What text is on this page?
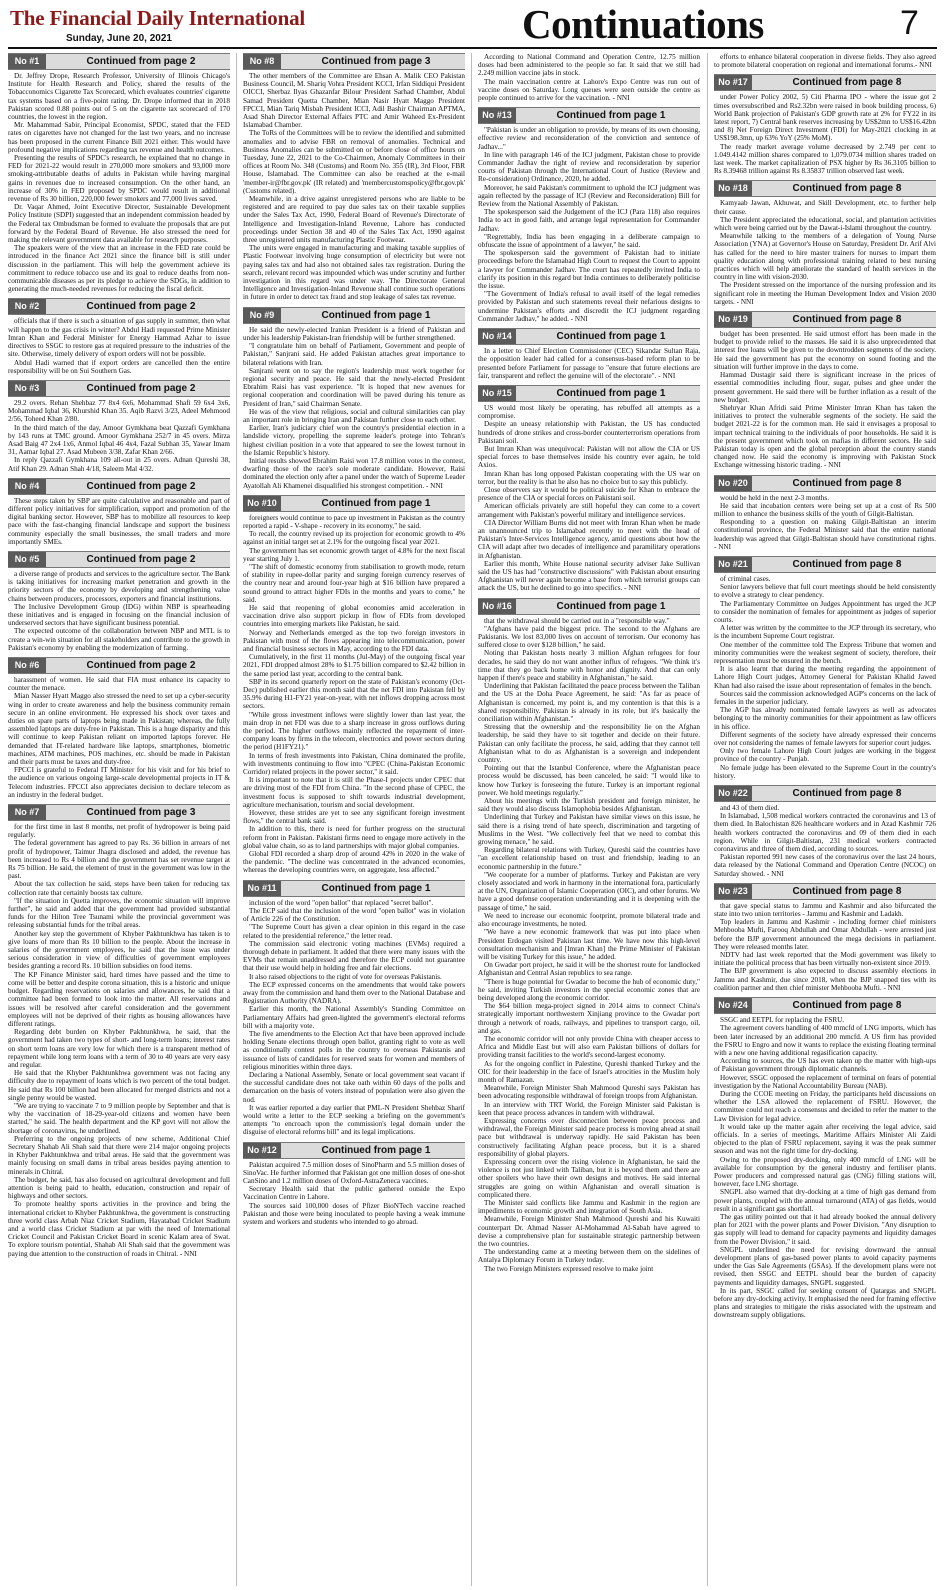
The Financial Daily International
Sunday, June 20, 2021	Continuations	7
No #1	Continued from page 2

Dr. Jeffrey Drope, Research Professor, University of Illinois Chicago's Institute for Health Research and Policy, shared the results of the Tobacconomics Cigarette Tax Scorecard, which evaluates countries' cigarette tax systems based on a five-point rating. Dr. Drope informed that in 2018 Pakistan scored 0.88 points out of 5 on the cigarette tax scorecard of 170 countries, the lowest in the region.

Mr. Mahammad Sabir, Principal Economist, SPDC, stated that the FED rates on cigarettes have not changed for the last two years, and no increase has been proposed in the current Finance Bill 2021 either. This would have profound negative implications regarding tax revenue and health outcomes.

Presenting the results of SPDC's research, he explained that no change in FED for 2021-22 would result in 270,000 more smokers and 93,000 more smoking-attributable deaths of adults in Pakistan while having marginal gains in revenues due to increased consumption. On the other hand, an increase of 30% in FED proposed by SPDC would result in additional revenue of Rs 30 billion, 220,000 fewer smokers and 77,000 lives saved.

Dr. Vaqar Ahmed, Joint Executive Director, Sustainable Development Policy Institute (SDPI) suggested that an independent commission headed by the Federal tax Ombudsman be formed to evaluate the proposals that are put forward by the Federal Board of Revenue. He also stressed the need for making the relevant government data available for research purposes.

The speakers were of the view that an increase in the FED rate could be introduced in the finance Act 2021 since the finance bill is still under discussion in the parliament. This will help the government achieve its commitment to reduce tobacco use and its goal to reduce deaths from non-communicable diseases as per its pledge to achieve the SDGs, in addition to generating the much-needed revenues for reducing the fiscal deficit.

No #2	Continued from page 2

officials that if there is such a situation of gas supply in summer, then what will happen to the gas crisis in winter? Abdul Hadi requested Prime Minister Imran Khan and Federal Minister for Energy Hammad Azhar to issue directives to SSGC to restore gas at required pressure to the industries of the site. Otherwise, timely delivery of export orders will not be possible.

Abdul Hadi warned that if export orders are cancelled then the entire responsibility will be on Sui Southern Gas.

No #3	Continued from page 2

29.2 overs. Rehan Shehbaz 77 8x4 6x6, Mohammad Shafi 59 6x4 3x6, Mohammad Iqbal 36, Khurshid Khan 35. Aqib Razvi 3/23, Adeel Mehmood 2/56, Toheed Khan 2/80.

In the third match of the day, Amoor Gymkhana beat Qazzafi Gymkhana by 143 runs at TMC ground. Amoor Gymkhana 252/7 in 45 overs. Mirza Asad Baig 47 2x4 1x6, Anmol Iqbal 46 4x4, Fazal Subhan 35, Yawar Imam 31, Aamar Iqbal 27. Asad Mubeen 3/38, Zafar Khan 2/66.

In reply Qazzafi Gymkhana 109 all-out in 25 overs. Adnan Qureshi 38, Atif Khan 29. Adnan Shah 4/18, Saleem Mal 4/32.

No #4	Continued from page 2

These steps taken by SBP are quite calculative and reasonable and part of different policy initiatives for simplification, support and promotion of the digital banking sector. However, SBP has to mobilize all resources to keep pace with the fast-changing financial landscape and support the business community especially the small businesses, the small traders and more importantly SMEs.

No #5	Continued from page 2

a diverse range of products and services to the agriculture sector. The Bank is taking initiatives for increasing market penetration and growth in the priority sectors of the economy by developing and strengthening value chains between producers, processors, exporters and financial institutions.

The Inclusive Development Group (IDG) within NBP is spearheading these initiatives and is engaged in focusing on the financial inclusion of underserved sectors that have significant business potential.

The expected outcome of the collaboration between NBP and MTL is to create a win-win situation for all stakeholders and contribute to the growth in Pakistan's economy by enabling the modernization of farming.

No #6	Continued from page 2

harassment of women. He said that FIA must enhance its capacity to counter the menace.

Mian Nasser Hyatt Maggo also stressed the need to set up a cyber-security wing in order to create awareness and help the business community remain secure in an online environment. He expressed his shock over taxes and duties on spare parts of laptops being made in Pakistan; whereas, the fully assembled laptops are duty-free in Pakistan. This is a huge disparity and this will continue to keep Pakistan reliant on imported laptops forever. He demanded that IT-related hardware like laptops, smartphones, biometric machines, ATM machines, POS machines, etc. should be made in Pakistan and their parts must be taxes and duty-free.

FPCCI is grateful to Federal IT Minister for his visit and for his brief to the audience on various ongoing large-scale developmental projects in IT & Telecom industries. FPCCI also appreciates decision to declare telecom as an industry in the federal budget.

No #7	Continued from page 3

for the first time in last 8 months, net profit of hydropower is being paid regularly.

The federal government has agreed to pay Rs. 36 billion in arrears of net profit of hydropower, Taimur Jhagra disclosed and added, the revenue has been increased to Rs 4 billion and the government has set revenue target at Rs 75 billion. He said, the element of trust in the government was low in the past.

About the tax collection he said, steps have been taken for reducing tax collection rate that certainly boosts tax culture.

"If the situation in Quetta improves, the economic situation will improve further", he said and added that the government had provided substantial funds for the Hilton Tree Tsunami while the provincial government was releasing substantial funds for the tribal areas.

Another key step the government of Khyber Pakhtunkhwa has taken is to give loans of more than Rs 10 billion to the people. About the increase in salaries of the government employees, he said that the issue was under serious consideration in view of difficulties of government employees besides granting a record Rs. 10 billion subsidies on food items.

The KP Finance Minister said, hard times have passed and the time to come will be better and despite corona situation, this is a historic and unique budget. Regarding reservations on salaries and allowances, he said that a committee had been formed to look into the matter. All reservations and issues will be resolved after careful consideration and the government employees will not be deprived of their rights as housing allowances have different ratings.

Regarding debt burden on Khyber Pakhtunkhwa, he said, that the government had taken two types of short- and long-term loans; interest rates on short term loans are very low for which there is a transparent method of repayment while long term loans with a term of 30 to 40 years are very easy and regular.

He said that the Khyber Pakhtunkhwa government was not facing any difficulty due to repayment of loans which is two percent of the total budget. He said that Rs 100 billion had been allocated for merged districts and not a single penny would be wasted.

"We are trying to vaccinate 7 to 9 million people by September and that is why the vaccination of 18-29-year-old citizens and women have been started," he said. The health department and the KP govt will not allow the shortage of coronavirus, he underlined.

Preferring to the ongoing projects of new scheme, Additional Chief Secretary Shahab Ali Shah said that there were 214 major ongoing projects in Khyber Pakhtunkhwa and tribal areas. He said that the government was mainly focusing on small dams in tribal areas besides paying attention to minerals in Chitral.

The budget, he said, has also focused on agricultural development and full attention is being paid to health, education, construction and repair of highways and other sectors.

To promote healthy sports activities in the province and bring the international cricket to Khyber Pakhtunkhwa, the government is constructing three world class Arbab Niaz Cricket Stadium, Hayatabad Cricket Stadium and a world class Cricket Stadium at par with the need of International Cricket Council and Pakistan Cricket Board in scenic Kalam area of Swat. To explore tourism potential, Shahab Ali Shah said that the government was paying due attention to the construction of roads in Chitral. - NNI

No #8	Continued from page 3

The other members of the Committee are Ehsan A. Malik CEO Pakistan Business Council, M. Shariq Vohra President KCCI, Irfan Siddiqui President OICCI, Sherbaz Ilyas Ghazanfar Bilour President Sarhad Chamber, Abdul Samad President Quetta Chamber, Mian Nasir Hyatt Maggo President FPCCI, Mian Tariq Misbah President ICCI, Adil Bashir Chairman APTMA, Asad Shah Director External Affairs PTC and Amir Waheed Ex-President Islamabad Chamber.

The ToRs of the Committees will be to review the identified and submitted anomalies and to advise FBR on removal of anomalies. Technical and Business Anomalies can be submitted on or before close of office hours on Tuesday, June 22, 2021 to the Co-Chairmen, Anomaly Committees in their offices at Room No. 348 (Customs) and Room No. 355 (IR), 3rd Floor, FBR House, Islamabad. The Committee can also be reached at the e-mail 'member-ir@fbr.gov.pk' (IR related) and 'membercustomspolicy@fbr.gov.pk' (Customs related).

Meanwhile, in a drive against unregistered persons who are liable to be registered and are required to pay due sales tax on their taxable supplies under the Sales Tax Act, 1990, Federal Board of Revenue's Directorate of Intelligence and Investigation-Inland Revenue, Lahore has conducted proceedings under Section 38 and 40 of the Sales Tax Act, 1990 against three unregistered units manufacturing Plastic Footwear.

The units were engaged in manufacturing and making taxable supplies of Plastic Footwear involving huge consumption of electricity but were not paying sales tax and had also not obtained sales tax registration. During the search, relevant record was impounded which was under scrutiny and further investigation in this regard was under way. The Directorate General Intelligence and Investigation-Inland Revenue shall continue such operations in future in order to detect tax fraud and stop leakage of sales tax revenue.

No #9	Continued from page 1

He said the newly-elected Iranian President is a friend of Pakistan and under his leadership Pakistan-Iran friendship will be further strengthened.

"I congratulate him on behalf of Parliament, Government and people of Pakistan," Sanjrani said. He added Pakistan attaches great importance to bilateral relations with Iran.

Sanjrani went on to say the region's leadership must work together for regional security and peace. He said that the newly-elected President Ebrahim Raisi has vast experience. "It is hoped that new avenues for regional cooperation and coordination will be paved during his tenure as President of Iran," said Chairman Senate.

He was of the view that religious, social and cultural similarities can play an important role in bringing Iran and Pakistan further close to each other.

Earlier, Iran's judiciary chief won the country's presidential election in a landslide victory, propelling the supreme leader's protege into Tehran's highest civilian position in a vote that appeared to see the lowest turnout in the Islamic Republic's history.

Initial results showed Ebrahim Raisi won 17.8 million votes in the contest, dwarfing those of the race's sole moderate candidate. However, Raisi dominated the election only after a panel under the watch of Supreme Leader Ayatollah Ali Khamenei disqualified his strongest competition. - NNI

No #10	Continued from page 1

foreigners would continue to pace up investment in Pakistan as the country reported a rapid - V-shape - recovery in its economy," he said.

To recall, the country revised up its projection for economic growth to 4% against an initial target set at 2.1% for the outgoing fiscal year 2021.

The government has set economic growth target of 4.8% for the next fiscal year starting July 1.

"The shift of domestic economy from stabilisation to growth mode, return of stability in rupee-dollar parity and surging foreign currency reserves of the country near and around four-year high at $16 billion have prepared a sound ground to attract higher FDIs in the months and years to come," he said.

He said that reopening of global economies amid acceleration in vaccination drive also support pickup in flow of FDIs from developed countries into emerging markets like Pakistan, he said.

Norway and Netherlands emerged as the top two foreign investors in Pakistan with most of the flows appearing into telecommunication, power and financial business sectors in May, according to the FDI data.

Cumulatively, in the first 11 months (Jul-May) of the outgoing fiscal year 2021, FDI dropped almost 28% to $1.75 billion compared to $2.42 billion in the same period last year, according to the central bank.

SBP in its second quarterly report on the state of Pakistan's economy (Oct-Dec) published earlier this month said that the net FDI into Pakistan fell by 35.9% during H1-FY21 year-on-year, with net inflows dropping across most sectors.

"While gross investment inflows were slightly lower than last year, the main drop in net FDI was due to a sharp increase in gross outflows during the period. The higher outflows mainly reflected the repayment of inter-company loans by firms in the telecom, electronics and power sectors during the period (H1FY21)."

In terms of fresh investments into Pakistan, China dominated the profile, with investments continuing to flow into "CPEC (China-Pakistan Economic Corridor) related projects in the power sector," it said.

It is important to note that it is still the Phase-I projects under CPEC that are driving most of the FDI from China. "In the second phase of CPEC, the investment focus is supposed to shift towards industrial development, agriculture mechanisation, tourism and social development.

However, these strides are yet to see any significant foreign investment flows," the central bank said.

In addition to this, there is need for further progress on the structural reform front in Pakistan. Pakistani firms need to engage more actively in the global value chain, so as to land partnerships with major global companies.

Global FDI recorded a sharp drop of around 42% in 2020 in the wake of the pandemic. "The decline was concentrated in the advanced economies, whereas the developing countries were, on aggregate, less affected."

No #11	Continued from page 1

inclusion of the word "open ballot" that replaced "secret ballot".

The ECP said that the inclusion of the word "open ballot" was in violation of Article 226 of the Constitution.

"The Supreme Court has given a clear opinion in this regard in the case related to the presidential reference," the letter read.

The commission said electronic voting machines (EVMs) required a thorough debate in parliament. It added that there were many issues with the EVMs that remain unaddressed and therefore the ECP could not guarantee that their use would help in holding free and fair elections.

It also raised objections to the right of vote for overseas Pakistanis.

The ECP expressed concerns on the amendments that would take powers away from the commission and hand them over to the National Database and Registration Authority (NADRA).

Earlier this month, the National Assembly's Standing Committee on Parliamentary Affairs had green-lighted the government's electoral reforms bill with a majority vote.

The five amendments to the Election Act that have been approved include holding Senate elections through open ballot, granting right to vote as well as conditionally contest polls in the country to overseas Pakistanis and issuance of lists of candidates for reserved seats for women and members of religious minorities within three days.

Declaring a National Assembly, Senate or local government seat vacant if the successful candidate does not take oath within 60 days of the polls and demarcation on the basis of voters instead of population were also given the nod.

It was earlier reported a day earlier that PML-N President Shehbaz Sharif would write a letter to the ECP seeking a briefing on the government's attempts "to encroach upon the commission's legal domain under the disguise of electoral reforms bill" and its legal implications.

No #12	Continued from page 1

Pakistan acquired 7.5 million doses of SinoPharm and 5.5 million doses of SinoVac. He further informed that Pakistan got one million doses of one-shot CanSino and 1.2 million doses of Oxford-AstraZeneca vaccines.

Secretary Health said that the public gathered outside the Expo Vaccination Centre in Lahore.

The sources said 100,000 doses of Pfizer BioNTech vaccine reached Pakistan and those were being inoculated to people having a weak immune system and workers and students who intended to go abroad.

According to National Command and Operation Centre, 12.75 million doses had been administered to the people so far. It said that we still had 2.249 million vaccine jabs in stock.

The main vaccination centre at Lahore's Expo Centre was run out of vaccine doses on Saturday. Long queues were seen outside the centre as people continued to arrive for the vaccination. - NNI

No #13	Continued from page 1

"Pakistan is under an obligation to provide, by means of its own choosing, effective review and reconsideration of the conviction and sentence of Jadhav..."

In line with paragraph 146 of the ICJ judgment, Pakistan chose to provide Commander Jadhav the right of review and reconsideration by superior courts of Pakistan through the International Court of Justice (Review and Re-consideration) Ordinance, 2020, he added.

Moreover, he said Pakistan's commitment to uphold the ICJ judgment was again reflected by the passage of ICJ (Review and Reconsideration) Bill for Review from the National Assembly of Pakistan.

The spokesperson said the Judgement of the ICJ (Para 118) also requires India to act in good faith, and arrange legal representation for Commander Jadhav.

"Regrettably, India has been engaging in a deliberate campaign to obfuscate the issue of appointment of a lawyer," he said.

The spokesperson said the government of Pakistan had to initiate proceedings before the Islamabad High Court to request the Court to appoint a lawyer for Commander Jadhav. The court has repeatedly invited India to clarify its position in this regard but India continues to deliberately politicise the issue.

"The Government of India's refusal to avail itself of the legal remedies provided by Pakistan and such statements reveal their nefarious designs to undermine Pakistan's efforts and discredit the ICJ judgment regarding Commander Jadhav," he added. - NNI

No #14	Continued from page 1

In a letter to Chief Election Commissioner (CEC) Sikandar Sultan Raja, the opposition leader had called for a consensus-based reform plan to be presented before Parliament for passage to "ensure that future elections are fair, transparent and reflect the genuine will of the electorate". - NNI

No #15	Continued from page 1

US would most likely be operating, has rebuffed all attempts as a compromise.

Despite an uneasy relationship with Pakistan, the US has conducted hundreds of drone strikes and cross-border counterterrorism operations from Pakistani soil.

But Imran Khan was unequivocal: Pakistan will not allow the CIA or US special forces to base themselves inside his country ever again, he told Axios.

Imran Khan has long opposed Pakistan cooperating with the US war on terror, but the reality is that he also has no choice but to say this publicly.

Close observers say it would be political suicide for Khan to embrace the presence of the CIA or special forces on Pakistani soil.

American officials privately are still hopeful they can come to a covert arrangement with Pakistan's powerful military and intelligence services.

CIA Director William Burns did not meet with Imran Khan when he made an unannounced trip to Islamabad recently to meet with the head of Pakistan's Inter-Services Intelligence agency, amid questions about how the CIA will adapt after two decades of intelligence and paramilitary operations in Afghanistan.

Earlier this month, White House national security adviser Jake Sullivan said the US has had "constructive discussions" with Pakistan about ensuring Afghanistan will never again become a base from which terrorist groups can attack the US, but he declined to go into specifics. - NNI

No #16	Continued from page 1

that the withdrawal should be carried out in a "responsible way."

"Afghans have paid the biggest price. The second to the Afghans are Pakistanis. We lost 83,000 lives on account of terrorism. Our economy has suffered close to over $128 billion," he said.

Noting that Pakistan hosts nearly 3 million Afghan refugees for four decades, he said they do not want another influx of refugees. "We think it's time that they go back home with honor and dignity. And that can only happen if there's peace and stability in Afghanistan," he said.

Underlining that Pakistan facilitated the peace process between the Taliban and the US at the Doha Peace Agreement, he said: "As far as peace of Afghanistan is concerned, my point is, and my contention is that this is a shared responsibility. Pakistan is already in its role, but it's basically the conciliation within Afghanistan."

Stressing that the ownership and the responsibility lie on the Afghan leadership, he said they have to sit together and decide on their future. Pakistan can only facilitate the process, he said, adding that they cannot tell Afghanistan what to do as Afghanistan is a sovereign and independent country.

Pointing out that the Istanbul Conference, where the Afghanistan peace process would be discussed, has been canceled, he said: "I would like to know how Turkey is foreseeing the future. Turkey is an important regional power. We hold meetings regularly."

About his meetings with the Turkish president and foreign minister, he said they would also discuss Islamophobia besides Afghanistan.

Underlining that Turkey and Pakistan have similar views on this issue, he said there is a rising trend of hate speech, discrimination and targeting of Muslims in the West. "We collectively feel that we need to combat this growing menace," he said.

Regarding bilateral relations with Turkey, Qureshi said the countries have "an excellent relationship based on trust and friendship, leading to an economic partnership in the future."

"We cooperate for a number of platforms. Turkey and Pakistan are very closely associated and work in harmony in the international fora, particularly at the UN, Organization of Islamic Cooperation (OIC), and other forums. We have a good defense cooperation understanding and it is deepening with the passage of time," he said.

We need to increase our economic footprint, promote bilateral trade and also encourage investments, he noted.

"We have a new economic framework that was put into place when President Erdogan visited Pakistan last time. We have now this high-level consultation mechanism and [Imran Khan] the Prime Minister of Pakistan will be visiting Turkey for this issue," he added.

On Gwadar port project, he said it will be the shortest route for landlocked Afghanistan and Central Asian republics to sea range.

"There is huge potential for Gwadar to become the hub of economic duty," he said, inviting Turkish investors in the special economic zones that are being developed along the economic corridor.

The $64 billion mega-project signed in 2014 aims to connect China's strategically important northwestern Xinjiang province to the Gwadar port through a network of roads, railways, and pipelines to transport cargo, oil, and gas.

The economic corridor will not only provide China with cheaper access to Africa and Middle East but will also earn Pakistan billions of dollars for providing transit facilities to the world's second-largest economy.

As for the ongoing conflict in Palestine, Qureshi thanked Turkey and the OIC for their leadership in the face of Israel's atrocities in the Muslim holy month of Ramazan.

Meanwhile, Foreign Minister Shah Mahmood Qureshi says Pakistan has been advocating responsible withdrawal of foreign troops from Afghanistan.

In an interview with TRT World, the Foreign Minister said Pakistan is keen that peace process advances in tandem with withdrawal.

Expressing concerns over disconnection between peace process and withdrawal, the Foreign Minister said peace process is moving ahead at snail pace but withdrawal is underway rapidly. He said Pakistan has been constructively facilitating Afghan peace process, but it is a shared responsibility of global players.

Expressing concern over the rising violence in Afghanistan, he said the violence is not just linked with Taliban, but it is beyond them and there are other spoilers who have their own designs and motives. He said internal struggles are going on within Afghanistan and overall situation is complicated there.

The Minister said conflicts like Jammu and Kashmir in the region are impediments to economic growth and integration of South Asia.

Meanwhile, Foreign Minister Shah Mahmood Qureshi and his Kuwaiti counterpart Dr. Ahmad Nasser Al-Mohammad Al-Sabah have agreed to devise a comprehensive plan for sustainable strategic partnership between the two countries.

The understanding came at a meeting between them on the sidelines of Antalya Diplomacy Forum in Turkey today.

The two Foreign Ministers expressed resolve to make joint

efforts to enhance bilateral cooperation in diverse fields. They also agreed to promote bilateral cooperation on regional and international forums.- NNI

No #17	Continued from page 8

under Power Policy 2002, 5) Citi Pharma IPO - where the issue got 2 times oversubscribed and Rs2.32bn were raised in book building process, 6) World Bank projection of Pakistan's GDP growth rate at 2% for FY22 in its latest report, 7) Central bank reserves increasing by US$2mn to US$16.42bn and 8) Net Foreign Direct Investment (FDI) for May-2021 clocking in at US$198.3mn, up 63% YoY (25% MoM).

The ready market average volume decreased by 2.749 per cent to 1.049.4142 million shares compared to 1,079.0734 million shares traded on last week. The market capitalization of PSX higher by Rs 36.3105 billion to Rs 8.39468 trillion against Rs 8.35837 trillion observed last week.

No #18	Continued from page 8

Kamyaab Jawan, Akhuwat, and Skill Development, etc. to further help their cause.

The President appreciated the educational, social, and plantation activities which were being carried out by the Dawat-i-Islami throughout the country.

Meanwhile talking to the members of a delegation of Young Nurse Association (YNA) at Governor's House on Saturday, President Dr. Arif Alvi has called for the need to hire master trainers for nurses to impart them quality education along with professional training related to best nursing practices which will help ameliorate the standard of health services in the country in line with vision-2030.

The President stressed on the importance of the nursing profession and its significant role in meeting the Human Development Index and Vision 2030 targets. - NNI

No #19	Continued from page 8

budget has been presented. He said utmost effort has been made in the budget to provide relief to the masses. He said it is also unprecedented that interest free loans will be given to the downtrodden segments of the society. He said the government has put the economy on sound footing and the situation will further improve in the days to come.

Hammad Dustagir said there is significant increase in the prices of essential commodities including flour, sugar, pulses and ghee under the present government. He said there will be further inflation as a result of the new budget.

Shehryar Khan Afridi said Prime Minister Imran Khan has taken the initiatives to protect the vulnerable segments of the society. He said the budget 2021-22 is for the common man. He said it envisages a proposal to impart technical training to the individuals of poor households. He said it is the present government which took on mafias in different sectors. He said Pakistan today is open and the global perception about the country stands changed now. He said the economy is improving with Pakistan Stock Exchange witnessing historic trading. - NNI

No #20	Continued from page 8

would be held in the next 2-3 months.

He said that incubation centers were being set up at a cost of Rs 500 million to enhance the business skills of the youth of Gilgit-Baltistan.

Responding to a question on making Gilgit-Baltistan an interim constitutional province, the Federal Minister said that the entire national leadership was agreed that Gilgit-Baltistan should have constitutional rights. - NNI

No #21	Continued from page 8

of criminal cases.

Senior lawyers believe that full court meetings should be held consistently to evolve a strategy to clear pendency.

The Parliamentary Committee on Judges Appointment has urged the JCP to consider the nomination of females for appointment as judges of superior courts.

A letter was written by the committee to the JCP through its secretary, who is the incumbent Supreme Court registrar.

One member of the committee told The Express Tribune that women and minority communities were the weakest segment of society, therefore, their representation must be ensured in the bench.

It is also learnt that during the meeting regarding the appointment of Lahore High Court judges, Attorney General for Pakistan Khalid Jawed Khan had also raised the issue about representation of females in the bench.

Sources said the commission acknowledged AGP's concerns on the lack of females in the superior judiciary.

The AGP has already nominated female lawyers as well as advocates belonging to the minority communities for their appointment as law officers in his office.

Different segments of the society have already expressed their concerns over not considering the names of female lawyers for superior court judges.

Only two female Lahore High Court judges are working in the biggest province of the country - Punjab.

No female judge has been elevated to the Supreme Court in the country's history.

No #22	Continued from page 8

and 43 of them died.

In Islamabad, 1,508 medical workers contracted the coronavirus and 13 of them died. In Balochistan 826 healthcare workers and in Azad Kashmir 726 health workers contracted the coronavirus and 09 of them died in each region. While in Gilgit-Baltistan, 231 medical workers contracted coronavirus and three of them died, according to sources.

Pakistan reported 991 new cases of the coronavirus over the last 24 hours, data released by the National Command and Operation Centre (NCOC) on Saturday showed. - NNI

No #23	Continued from page 8

that gave special status to Jammu and Kashmir and also bifurcated the state into two union territories - Jammu and Kashmir and Ladakh.

Top leaders in Jammu and Kashmir - including former chief ministers Mehbooba Mufti, Farooq Abdullah and Omar Abdullah - were arrested just before the BJP government announced the mega decisions in parliament. They were released months later.

NDTV had last week reported that the Modi government was likely to initiate the political process that has been virtually non-existent since 2019.

The BJP government is also expected to discuss assembly elections in Jammu and Kashmir, due since 2018, when the BJP snapped ties with its coalition partner and then chief minister Mehbooba Mufti. - NNI

No #24	Continued from page 8

SSGC and EETPL for replacing the FSRU.

The agreement covers handling of 400 mmcfd of LNG imports, which has been later increased by an additional 200 mmcfd. A US firm has provided the FSRU to Engro and now it wants to replace the existing floating terminal with a new one having additional regasification capacity.

According to sources, the US has even taken up the matter with high-ups of Pakistan government through diplomatic channels.

However, SSGC opposed the replacement of terminal on fears of potential investigation by the National Accountability Bureau (NAB).

During the CCOE meeting on Friday, the participants held discussions on whether the LSA allowed the replacement of FSRU. However, the committee could not reach a consensus and decided to refer the matter to the Law Division for legal advice.

It would take up the matter again after receiving the legal advice, said officials. In a series of meetings, Maritime Affairs Minister Ali Zaidi objected to the plan of FSRU replacement, saying it was the peak summer season and was not the right time for dry-docking.

Owing to the proposed dry-docking, only 400 mmcfd of LNG will be available for consumption by the general industry and fertiliser plants. Power producers and compressed natural gas (CNG) filling stations will, however, face LNG shortage.

SNGPL also warned that dry-docking at a time of high gas demand from power plants, coupled with the annual turnaround (ATA) of gas fields, would result in a significant gas shortfall.

The gas utility pointed out that it had already booked the annual delivery plan for 2021 with the power plants and Power Division. "Any disruption to gas supply will lead to demand for capacity payments and liquidity damages from the Power Division," it said.

SNGPL underlined the need for revising downward the annual development plans of gas-based power plants to avoid capacity payments under the Gas Sale Agreements (GSAs). If the development plans were not revised, then SSGC and EETPL should bear the burden of capacity payments and liquidity damages, SNGPL suggested.

In its part, SSGC called for seeking consent of Qatargas and SNGPL before any dry-docking activity. It emphasised the need for framing effective plans and strategies to mitigate the risks associated with the upstream and downstream supply obligations.
